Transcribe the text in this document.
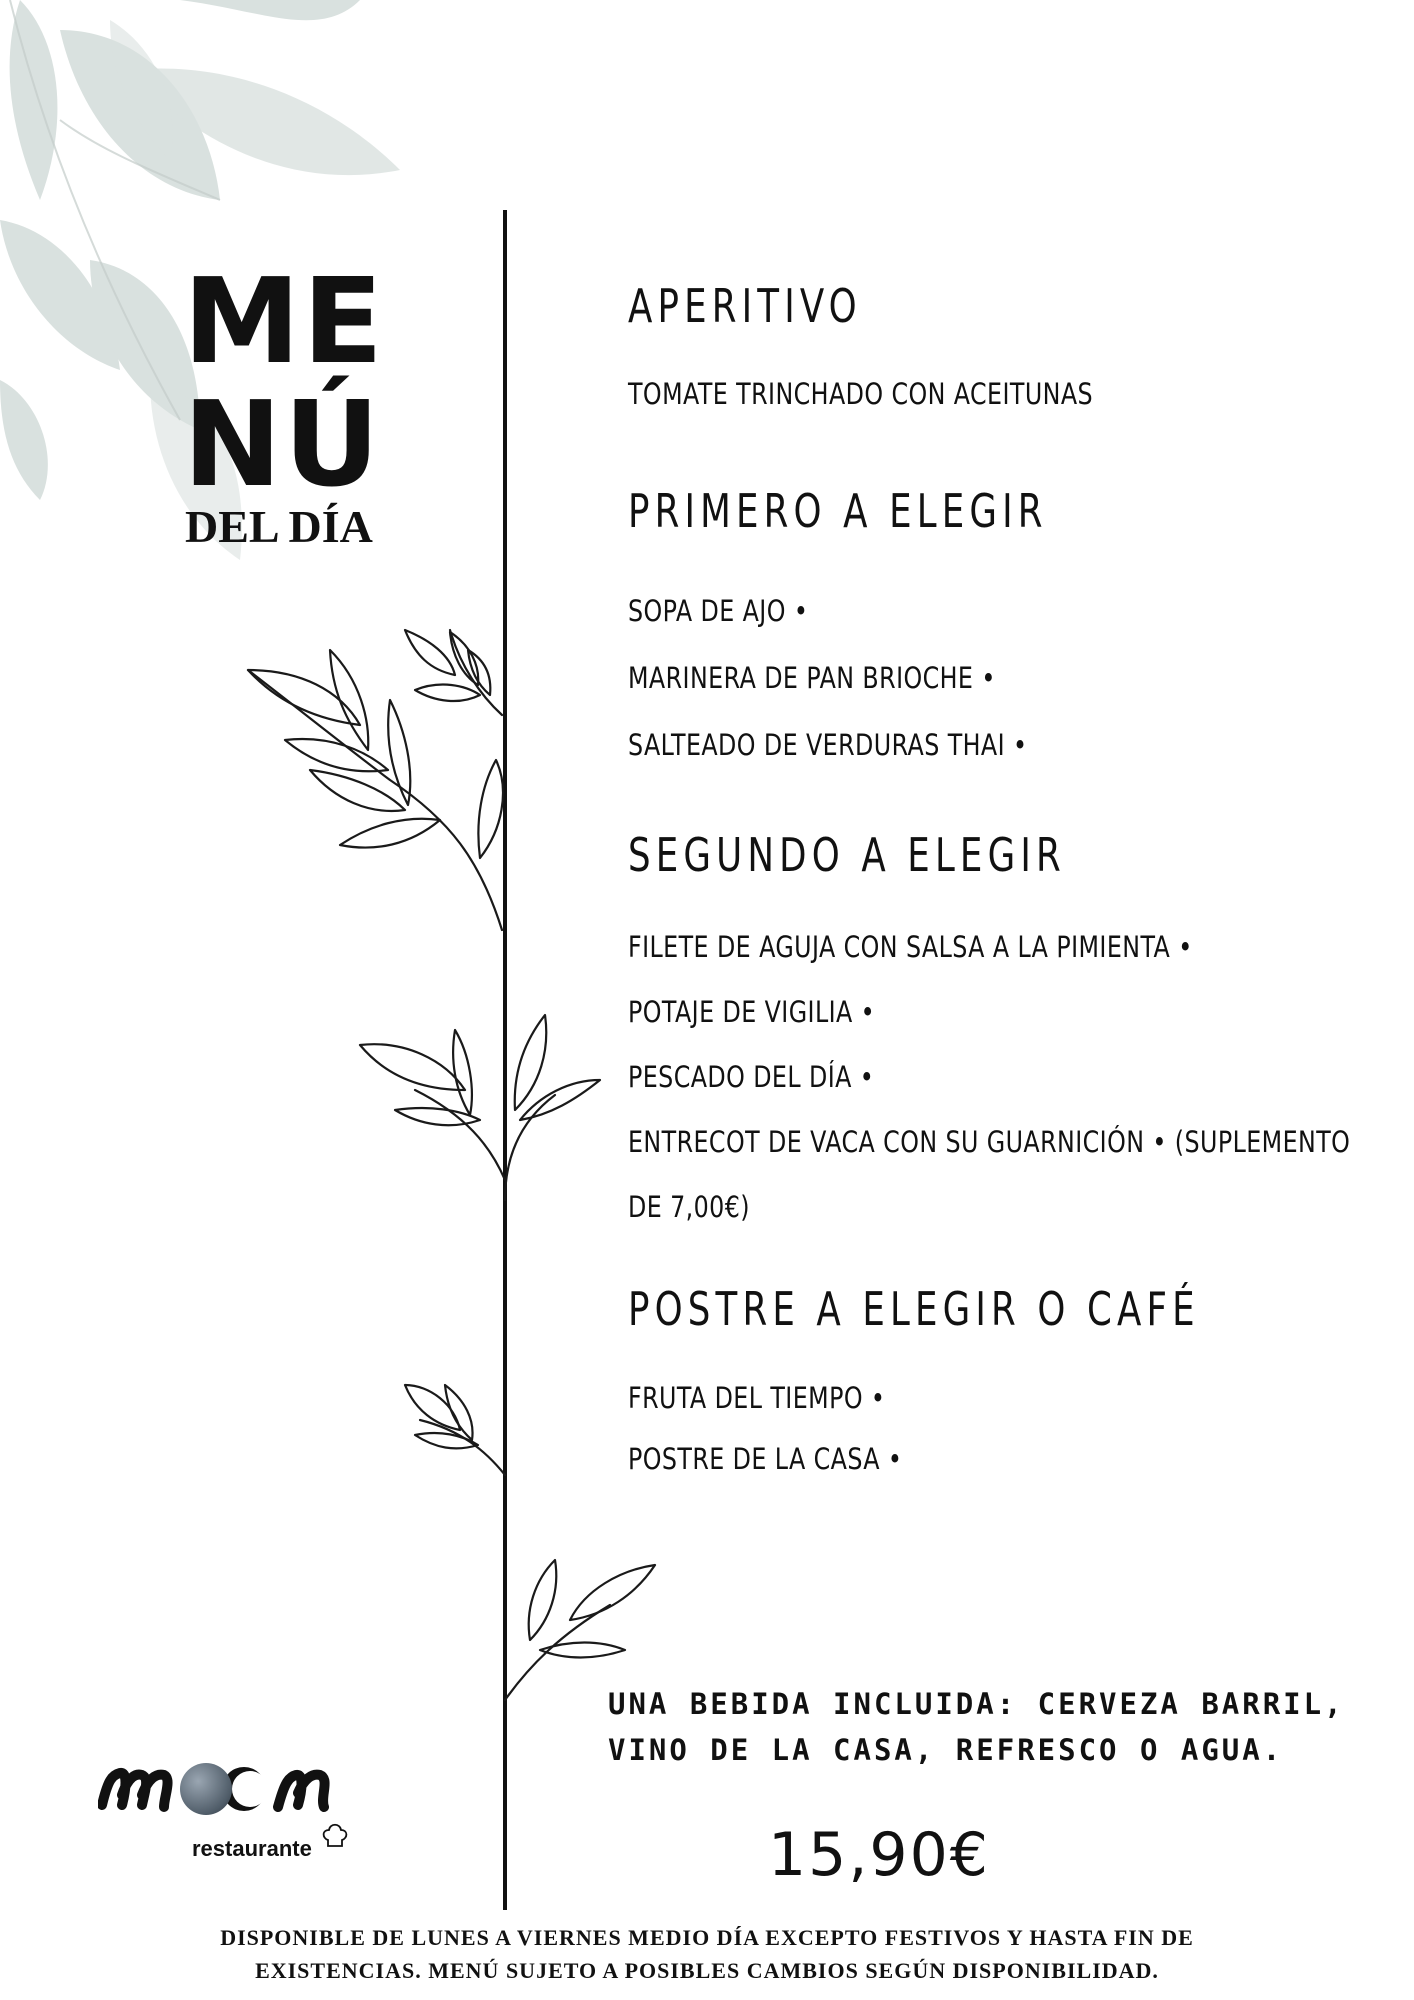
ME
NÚ
DEL DÍA
APERITIVO
TOMATE TRINCHADO CON ACEITUNAS
PRIMERO A ELEGIR
SOPA DE AJO •
MARINERA DE PAN BRIOCHE •
SALTEADO DE VERDURAS THAI •
SEGUNDO A ELEGIR
FILETE DE AGUJA CON SALSA A LA PIMIENTA •
POTAJE DE VIGILIA •
PESCADO DEL DÍA •
ENTRECOT DE VACA CON SU GUARNICIÓN • (SUPLEMENTO
DE 7,00€)
POSTRE A ELEGIR O CAFÉ
FRUTA DEL TIEMPO •
POSTRE DE LA CASA •
UNA BEBIDA INCLUIDA: CERVEZA BARRIL,
VINO DE LA CASA, REFRESCO O AGUA.
15,90€
restaurante
DISPONIBLE DE LUNES A VIERNES MEDIO DÍA EXCEPTO FESTIVOS Y HASTA FIN DE
EXISTENCIAS. MENÚ SUJETO A POSIBLES CAMBIOS SEGÚN DISPONIBILIDAD.
